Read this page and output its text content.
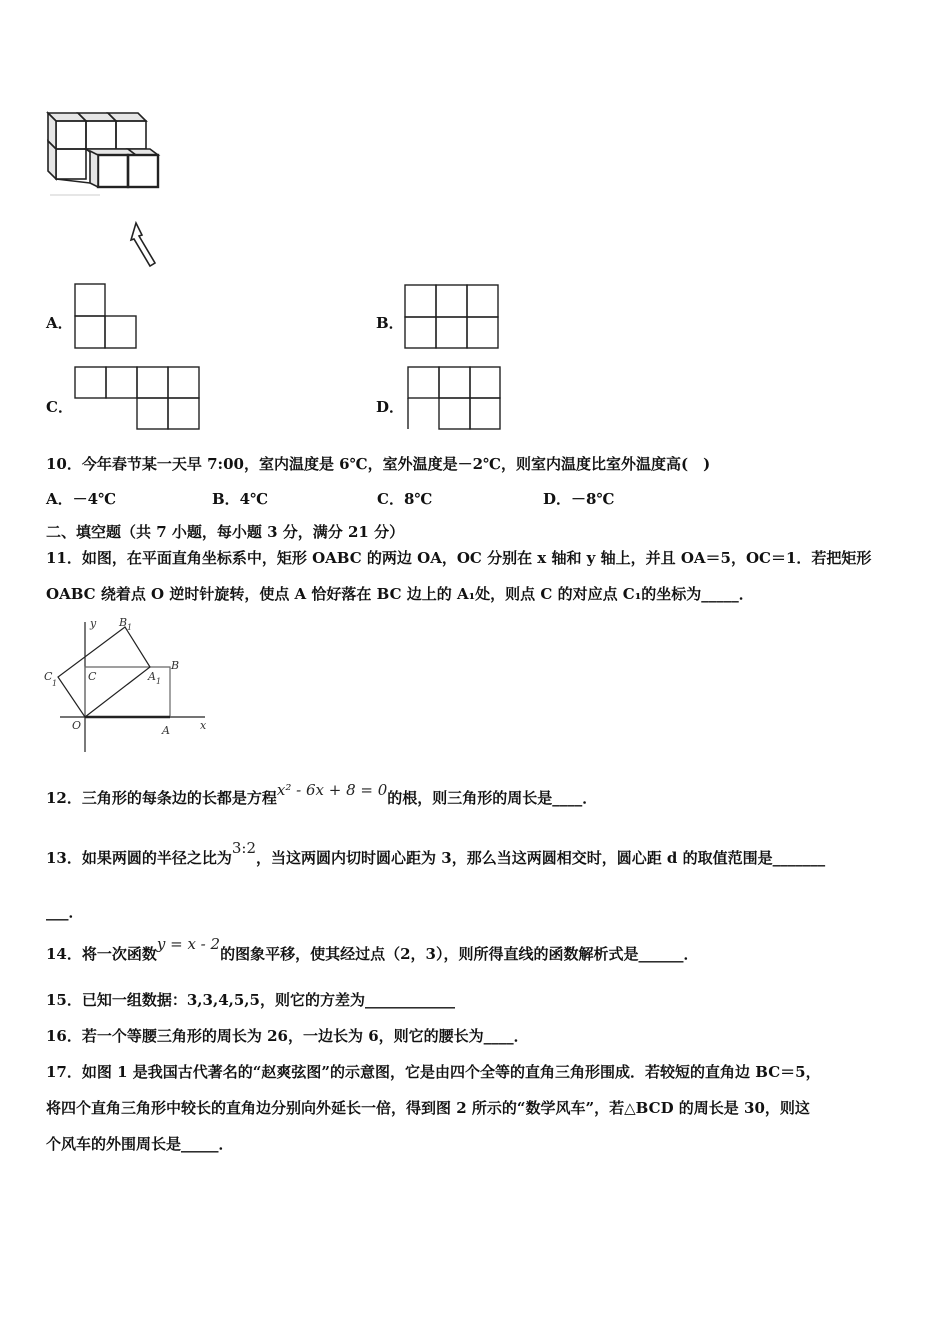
A．	B．
C．	D．
10．今年春节某一天早 7:00，室内温度是 6℃，室外温度是－2℃，则室内温度比室外温度高(　)
A．－4℃	B．4℃	C．8℃	D．－8℃
二、填空题（共 7 小题，每小题 3 分，满分 21 分）
11．如图，在平面直角坐标系中，矩形 OABC 的两边 OA，OC 分别在 x 轴和 y 轴上，并且 OA＝5，OC＝1．若把矩形
OABC 绕着点 O 逆时针旋转，使点 A 恰好落在 BC 边上的 A₁处，则点 C 的对应点 C₁的坐标为_____．
y
x
B 1
B
C
1
C	A 1
O	A
12．三角形的每条边的长都是方程x² - 6x + 8 = 0的根，则三角形的周长是____．
13．如果两圆的半径之比为3:2，当这两圆内切时圆心距为 3，那么当这两圆相交时，圆心距 d 的取值范围是_______
___．
14．将一次函数y = x - 2的图象平移，使其经过点（2，3），则所得直线的函数解析式是______．
15．已知一组数据：3,3,4,5,5，则它的方差为____________
16．若一个等腰三角形的周长为 26，一边长为 6，则它的腰长为____．
17．如图 1 是我国古代著名的“赵爽弦图”的示意图，它是由四个全等的直角三角形围成．若较短的直角边 BC＝5，
将四个直角三角形中较长的直角边分别向外延长一倍，得到图 2 所示的“数学风车”，若△BCD 的周长是 30，则这
个风车的外围周长是_____．
